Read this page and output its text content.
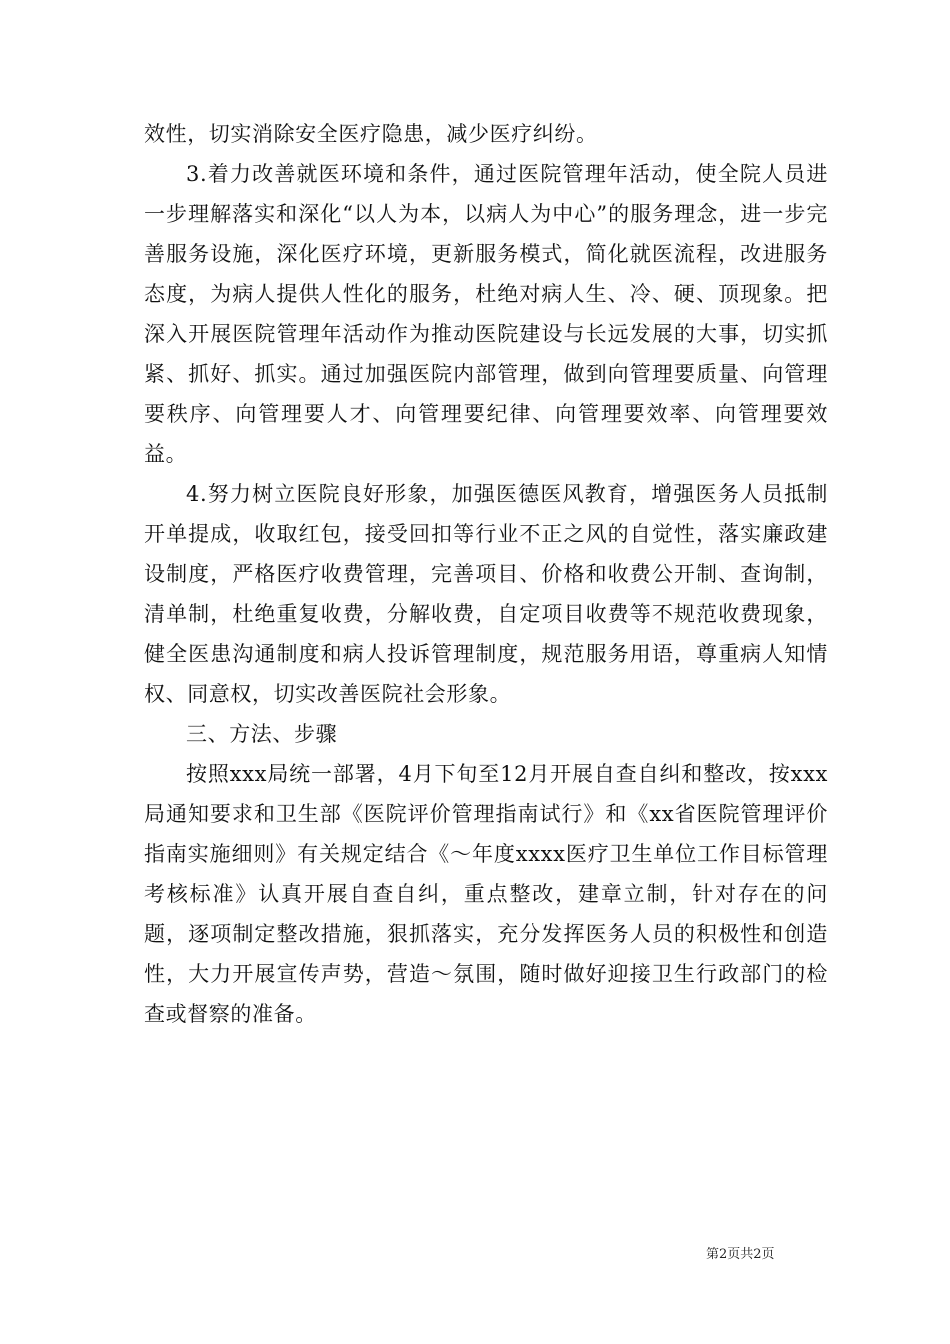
效性，切实消除安全医疗隐患，减少医疗纠纷。

3.着力改善就医环境和条件，通过医院管理年活动，使全院人员进一步理解落实和深化“以人为本，以病人为中心”的服务理念，进一步完善服务设施，深化医疗环境，更新服务模式，简化就医流程，改进服务态度，为病人提供人性化的服务，杜绝对病人生、冷、硬、顶现象。把深入开展医院管理年活动作为推动医院建设与长远发展的大事，切实抓紧、抓好、抓实。通过加强医院内部管理，做到向管理要质量、向管理要秩序、向管理要人才、向管理要纪律、向管理要效率、向管理要效益。

4.努力树立医院良好形象，加强医德医风教育，增强医务人员抵制开单提成，收取红包，接受回扣等行业不正之风的自觉性，落实廉政建设制度，严格医疗收费管理，完善项目、价格和收费公开制、查询制，清单制，杜绝重复收费，分解收费，自定项目收费等不规范收费现象，健全医患沟通制度和病人投诉管理制度，规范服务用语，尊重病人知情权、同意权，切实改善医院社会形象。

三、方法、步骤

按照xxx局统一部署，4月下旬至12月开展自查自纠和整改，按xxx局通知要求和卫生部《医院评价管理指南试行》和《xx省医院管理评价指南实施细则》有关规定结合《～年度xxxx医疗卫生单位工作目标管理考核标准》认真开展自查自纠，重点整改，建章立制，针对存在的问题，逐项制定整改措施，狠抓落实，充分发挥医务人员的积极性和创造性，大力开展宣传声势，营造～氛围，随时做好迎接卫生行政部门的检查或督察的准备。

第2页共2页
